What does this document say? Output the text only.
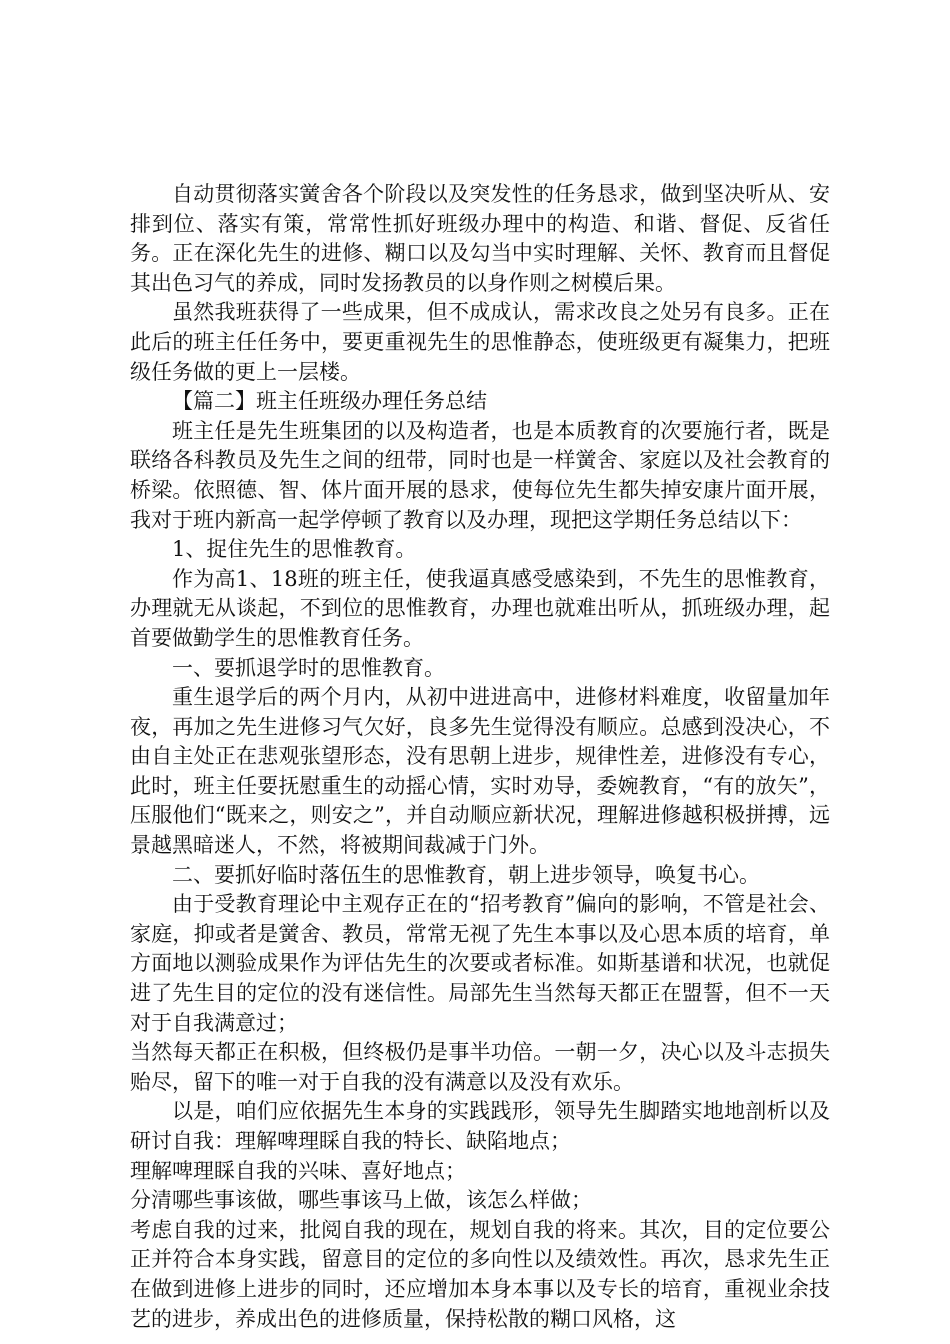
自动贯彻落实黉舍各个阶段以及突发性的任务恳求，做到坚决听从、安排到位、落实有策，常常性抓好班级办理中的构造、和谐、督促、反省任务。正在深化先生的进修、糊口以及勾当中实时理解、关怀、教育而且督促其出色习气的养成，同时发扬教员的以身作则之树模后果。

虽然我班获得了一些成果，但不成成认，需求改良之处另有良多。正在此后的班主任任务中，要更重视先生的思惟静态，使班级更有凝集力，把班级任务做的更上一层楼。

【篇二】班主任班级办理任务总结

班主任是先生班集团的以及构造者，也是本质教育的次要施行者，既是联络各科教员及先生之间的纽带，同时也是一样黉舍、家庭以及社会教育的桥梁。依照德、智、体片面开展的恳求，使每位先生都失掉安康片面开展，我对于班内新高一起学停顿了教育以及办理，现把这学期任务总结以下：

1、捉住先生的思惟教育。

作为高1、18班的班主任，使我逼真感受感染到，不先生的思惟教育，办理就无从谈起，不到位的思惟教育，办理也就难出听从，抓班级办理，起首要做勤学生的思惟教育任务。

一、要抓退学时的思惟教育。

重生退学后的两个月内，从初中进进高中，进修材料难度，收留量加年夜，再加之先生进修习气欠好，良多先生觉得没有顺应。总感到没决心，不由自主处正在悲观张望形态，没有思朝上进步，规律性差，进修没有专心，此时，班主任要抚慰重生的动摇心情，实时劝导，委婉教育，“有的放矢”，压服他们“既来之，则安之”，并自动顺应新状况，理解进修越积极拼搏，远景越黑暗迷人，不然，将被期间裁减于门外。

二、要抓好临时落伍生的思惟教育，朝上进步领导，唤复书心。

由于受教育理论中主观存正在的“招考教育”偏向的影响，不管是社会、家庭，抑或者是黉舍、教员，常常无视了先生本事以及心思本质的培育，单方面地以测验成果作为评估先生的次要或者标准。如斯基谱和状况，也就促进了先生目的定位的没有迷信性。局部先生当然每天都正在盟誓，但不一天对于自我满意过；

当然每天都正在积极，但终极仍是事半功倍。一朝一夕，决心以及斗志损失贻尽，留下的唯一对于自我的没有满意以及没有欢乐。

以是，咱们应依据先生本身的实践践形，领导先生脚踏实地地剖析以及研讨自我：理解啤理睬自我的特长、缺陷地点；

理解啤理睬自我的兴味、喜好地点；

分清哪些事该做，哪些事该马上做，该怎么样做；

考虑自我的过来，批阅自我的现在，规划自我的将来。其次，目的定位要公正并符合本身实践，留意目的定位的多向性以及绩效性。再次，恳求先生正在做到进修上进步的同时，还应增加本身本事以及专长的培育，重视业余技艺的进步，养成出色的进修质量，保持松散的糊口风格，这
